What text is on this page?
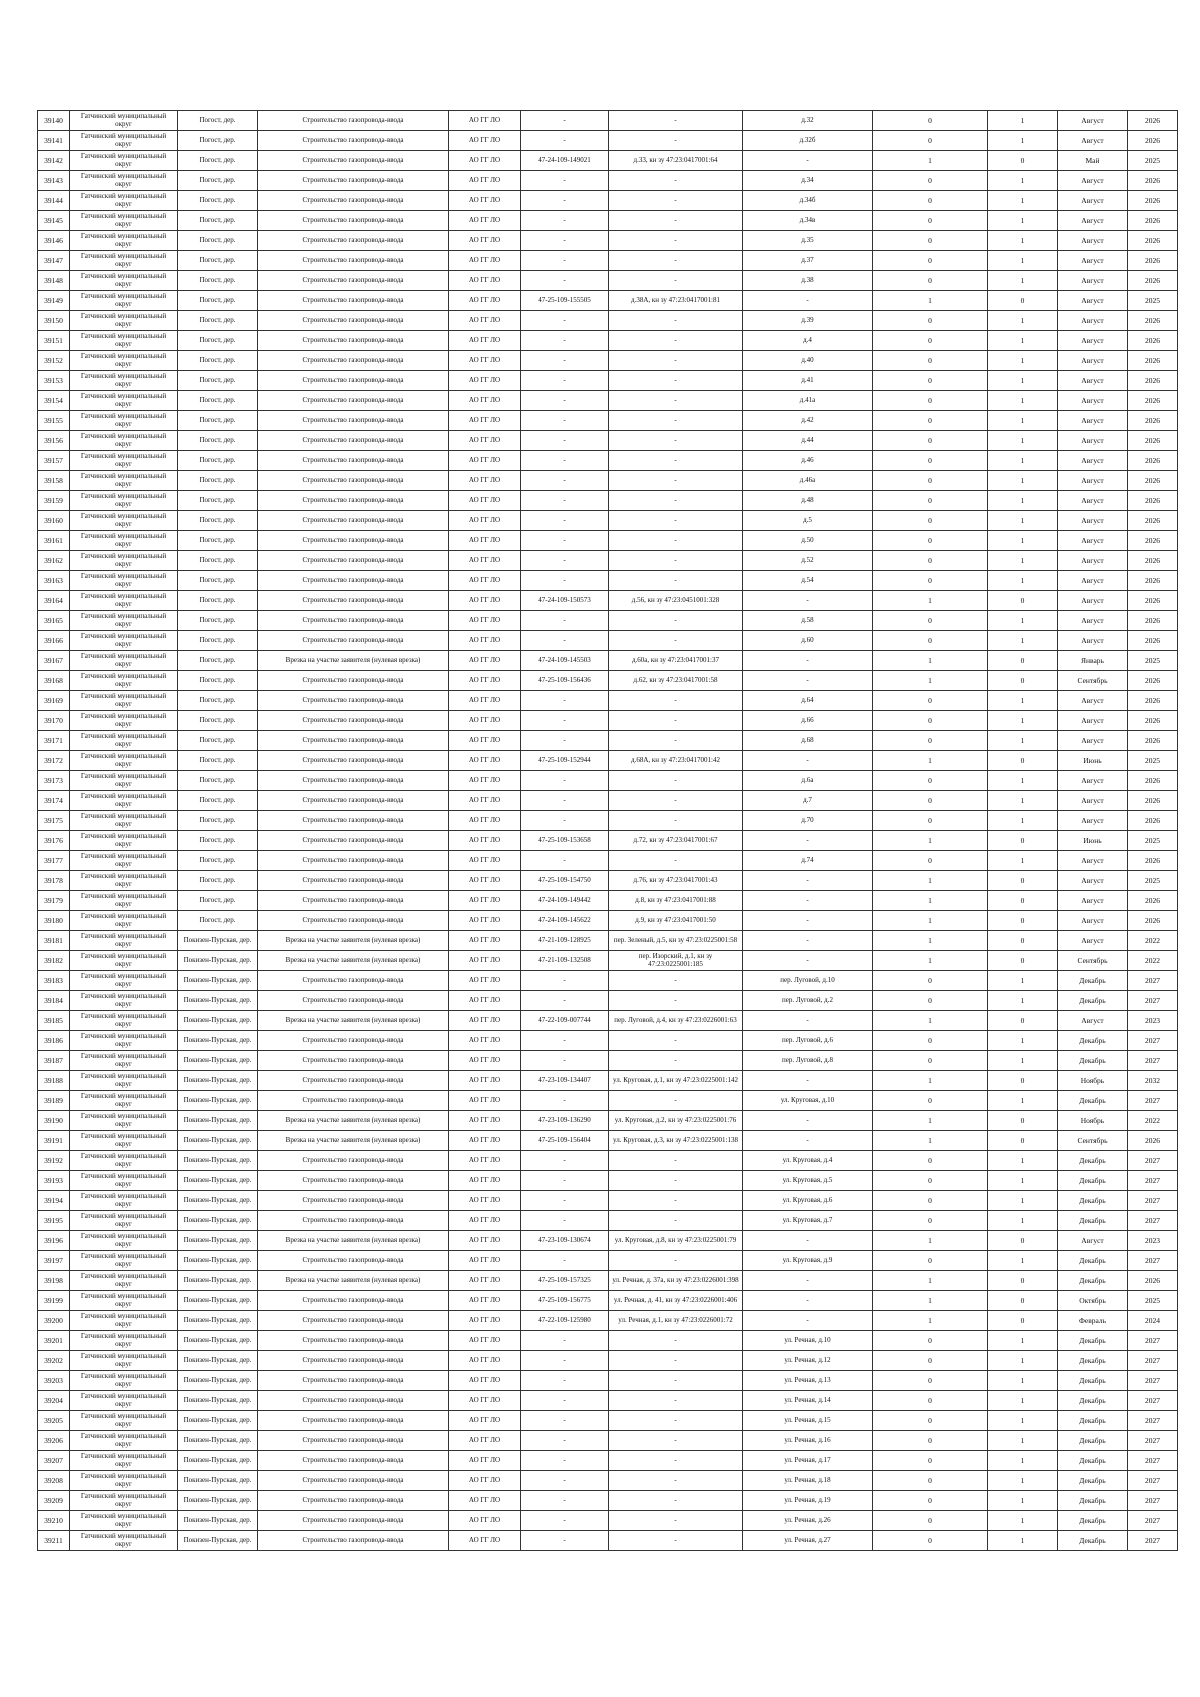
39140	Гатчинский муниципальный округ	Погост, дер.	Строительство газопровода-ввода	АО ГГ ЛО	-	-	д.32	0	1	Август	2026
39141	Гатчинский муниципальный округ	Погост, дер.	Строительство газопровода-ввода	АО ГГ ЛО	-	-	д.32б	0	1	Август	2026
39142	Гатчинский муниципальный округ	Погост, дер.	Строительство газопровода-ввода	АО ГГ ЛО	47-24-109-149021	д.33, кн зу 47:23:0417001:64	-	1	0	Май	2025
39143	Гатчинский муниципальный округ	Погост, дер.	Строительство газопровода-ввода	АО ГГ ЛО	-	-	д.34	0	1	Август	2026
39144	Гатчинский муниципальный округ	Погост, дер.	Строительство газопровода-ввода	АО ГГ ЛО	-	-	д.34б	0	1	Август	2026
39145	Гатчинский муниципальный округ	Погост, дер.	Строительство газопровода-ввода	АО ГГ ЛО	-	-	д.34в	0	1	Август	2026
39146	Гатчинский муниципальный округ	Погост, дер.	Строительство газопровода-ввода	АО ГГ ЛО	-	-	д.35	0	1	Август	2026
39147	Гатчинский муниципальный округ	Погост, дер.	Строительство газопровода-ввода	АО ГГ ЛО	-	-	д.37	0	1	Август	2026
39148	Гатчинский муниципальный округ	Погост, дер.	Строительство газопровода-ввода	АО ГГ ЛО	-	-	д.38	0	1	Август	2026
39149	Гатчинский муниципальный округ	Погост, дер.	Строительство газопровода-ввода	АО ГГ ЛО	47-25-109-155505	д.38А, кн зу 47:23:0417001:81	-	1	0	Август	2025
39150	Гатчинский муниципальный округ	Погост, дер.	Строительство газопровода-ввода	АО ГГ ЛО	-	-	д.39	0	1	Август	2026
39151	Гатчинский муниципальный округ	Погост, дер.	Строительство газопровода-ввода	АО ГГ ЛО	-	-	д.4	0	1	Август	2026
39152	Гатчинский муниципальный округ	Погост, дер.	Строительство газопровода-ввода	АО ГГ ЛО	-	-	д.40	0	1	Август	2026
39153	Гатчинский муниципальный округ	Погост, дер.	Строительство газопровода-ввода	АО ГГ ЛО	-	-	д.41	0	1	Август	2026
39154	Гатчинский муниципальный округ	Погост, дер.	Строительство газопровода-ввода	АО ГГ ЛО	-	-	д.41а	0	1	Август	2026
39155	Гатчинский муниципальный округ	Погост, дер.	Строительство газопровода-ввода	АО ГГ ЛО	-	-	д.42	0	1	Август	2026
39156	Гатчинский муниципальный округ	Погост, дер.	Строительство газопровода-ввода	АО ГГ ЛО	-	-	д.44	0	1	Август	2026
39157	Гатчинский муниципальный округ	Погост, дер.	Строительство газопровода-ввода	АО ГГ ЛО	-	-	д.46	0	1	Август	2026
39158	Гатчинский муниципальный округ	Погост, дер.	Строительство газопровода-ввода	АО ГГ ЛО	-	-	д.46а	0	1	Август	2026
39159	Гатчинский муниципальный округ	Погост, дер.	Строительство газопровода-ввода	АО ГГ ЛО	-	-	д.48	0	1	Август	2026
39160	Гатчинский муниципальный округ	Погост, дер.	Строительство газопровода-ввода	АО ГГ ЛО	-	-	д.5	0	1	Август	2026
39161	Гатчинский муниципальный округ	Погост, дер.	Строительство газопровода-ввода	АО ГГ ЛО	-	-	д.50	0	1	Август	2026
39162	Гатчинский муниципальный округ	Погост, дер.	Строительство газопровода-ввода	АО ГГ ЛО	-	-	д.52	0	1	Август	2026
39163	Гатчинский муниципальный округ	Погост, дер.	Строительство газопровода-ввода	АО ГГ ЛО	-	-	д.54	0	1	Август	2026
39164	Гатчинский муниципальный округ	Погост, дер.	Строительство газопровода-ввода	АО ГГ ЛО	47-24-109-150573	д.56, кн зу 47:23:0451001:328	-	1	0	Август	2026
39165	Гатчинский муниципальный округ	Погост, дер.	Строительство газопровода-ввода	АО ГГ ЛО	-	-	д.58	0	1	Август	2026
39166	Гатчинский муниципальный округ	Погост, дер.	Строительство газопровода-ввода	АО ГГ ЛО	-	-	д.60	0	1	Август	2026
39167	Гатчинский муниципальный округ	Погост, дер.	Врезка на участке заявителя (нулевая врезка)	АО ГГ ЛО	47-24-109-145503	д.60а, кн зу 47:23:0417001:37	-	1	0	Январь	2025
39168	Гатчинский муниципальный округ	Погост, дер.	Строительство газопровода-ввода	АО ГГ ЛО	47-25-109-156436	д.62, кн зу 47:23:0417001:58	-	1	0	Сентябрь	2026
39169	Гатчинский муниципальный округ	Погост, дер.	Строительство газопровода-ввода	АО ГГ ЛО	-	-	д.64	0	1	Август	2026
39170	Гатчинский муниципальный округ	Погост, дер.	Строительство газопровода-ввода	АО ГГ ЛО	-	-	д.66	0	1	Август	2026
39171	Гатчинский муниципальный округ	Погост, дер.	Строительство газопровода-ввода	АО ГГ ЛО	-	-	д.68	0	1	Август	2026
39172	Гатчинский муниципальный округ	Погост, дер.	Строительство газопровода-ввода	АО ГГ ЛО	47-25-109-152944	д.68А, кн зу 47:23:0417001:42	-	1	0	Июнь	2025
39173	Гатчинский муниципальный округ	Погост, дер.	Строительство газопровода-ввода	АО ГГ ЛО	-	-	д.6а	0	1	Август	2026
39174	Гатчинский муниципальный округ	Погост, дер.	Строительство газопровода-ввода	АО ГГ ЛО	-	-	д.7	0	1	Август	2026
39175	Гатчинский муниципальный округ	Погост, дер.	Строительство газопровода-ввода	АО ГГ ЛО	-	-	д.70	0	1	Август	2026
39176	Гатчинский муниципальный округ	Погост, дер.	Строительство газопровода-ввода	АО ГГ ЛО	47-25-109-153658	д.72, кн зу 47:23:0417001:67	-	1	0	Июнь	2025
39177	Гатчинский муниципальный округ	Погост, дер.	Строительство газопровода-ввода	АО ГГ ЛО	-	-	д.74	0	1	Август	2026
39178	Гатчинский муниципальный округ	Погост, дер.	Строительство газопровода-ввода	АО ГГ ЛО	47-25-109-154750	д.76, кн зу 47:23:0417001:43	-	1	0	Август	2025
39179	Гатчинский муниципальный округ	Погост, дер.	Строительство газопровода-ввода	АО ГГ ЛО	47-24-109-149442	д.8, кн зу 47:23:0417001:88	-	1	0	Август	2026
39180	Гатчинский муниципальный округ	Погост, дер.	Строительство газопровода-ввода	АО ГГ ЛО	47-24-109-145622	д.9, кн зу 47:23:0417001:50	-	1	0	Август	2026
39181	Гатчинский муниципальный округ	Покизен-Пурская, дер.	Врезка на участке заявителя (нулевая врезка)	АО ГГ ЛО	47-21-109-128925	пер. Зеленый, д.5, кн зу 47:23:0225001:58	-	1	0	Август	2022
39182	Гатчинский муниципальный округ	Покизен-Пурская, дер.	Врезка на участке заявителя (нулевая врезка)	АО ГГ ЛО	47-21-109-132508	пер. Изорский, д.1, кн зу 47:23:0225001:185	-	1	0	Сентябрь	2022
39183	Гатчинский муниципальный округ	Покизен-Пурская, дер.	Строительство газопровода-ввода	АО ГГ ЛО	-	-	пер. Луговой, д.10	0	1	Декабрь	2027
39184	Гатчинский муниципальный округ	Покизен-Пурская, дер.	Строительство газопровода-ввода	АО ГГ ЛО	-	-	пер. Луговой, д.2	0	1	Декабрь	2027
39185	Гатчинский муниципальный округ	Покизен-Пурская, дер.	Врезка на участке заявителя (нулевая врезка)	АО ГГ ЛО	47-22-109-007744	пер. Луговой, д.4, кн зу 47:23:0226001:63	-	1	0	Август	2023
39186	Гатчинский муниципальный округ	Покизен-Пурская, дер.	Строительство газопровода-ввода	АО ГГ ЛО	-	-	пер. Луговой, д.6	0	1	Декабрь	2027
39187	Гатчинский муниципальный округ	Покизен-Пурская, дер.	Строительство газопровода-ввода	АО ГГ ЛО	-	-	пер. Луговой, д.8	0	1	Декабрь	2027
39188	Гатчинский муниципальный округ	Покизен-Пурская, дер.	Строительство газопровода-ввода	АО ГГ ЛО	47-23-109-134407	ул. Круговая, д.1, кн зу 47:23:0225001:142	-	1	0	Ноябрь	2032
39189	Гатчинский муниципальный округ	Покизен-Пурская, дер.	Строительство газопровода-ввода	АО ГГ ЛО	-	-	ул. Круговая, д.10	0	1	Декабрь	2027
39190	Гатчинский муниципальный округ	Покизен-Пурская, дер.	Врезка на участке заявителя (нулевая врезка)	АО ГГ ЛО	47-23-109-136290	ул. Круговая, д.2, кн зу 47:23:0225001:76	-	1	0	Ноябрь	2022
39191	Гатчинский муниципальный округ	Покизен-Пурская, дер.	Врезка на участке заявителя (нулевая врезка)	АО ГГ ЛО	47-25-109-156404	ул. Круговая, д.3, кн зу 47:23:0225001:138	-	1	0	Сентябрь	2026
39192	Гатчинский муниципальный округ	Покизен-Пурская, дер.	Строительство газопровода-ввода	АО ГГ ЛО	-	-	ул. Круговая, д.4	0	1	Декабрь	2027
39193	Гатчинский муниципальный округ	Покизен-Пурская, дер.	Строительство газопровода-ввода	АО ГГ ЛО	-	-	ул. Круговая, д.5	0	1	Декабрь	2027
39194	Гатчинский муниципальный округ	Покизен-Пурская, дер.	Строительство газопровода-ввода	АО ГГ ЛО	-	-	ул. Круговая, д.6	0	1	Декабрь	2027
39195	Гатчинский муниципальный округ	Покизен-Пурская, дер.	Строительство газопровода-ввода	АО ГГ ЛО	-	-	ул. Круговая, д.7	0	1	Декабрь	2027
39196	Гатчинский муниципальный округ	Покизен-Пурская, дер.	Врезка на участке заявителя (нулевая врезка)	АО ГГ ЛО	47-23-109-130674	ул. Круговая, д.8, кн зу 47:23:0225001:79	-	1	0	Август	2023
39197	Гатчинский муниципальный округ	Покизен-Пурская, дер.	Строительство газопровода-ввода	АО ГГ ЛО	-	-	ул. Круговая, д.9	0	1	Декабрь	2027
39198	Гатчинский муниципальный округ	Покизен-Пурская, дер.	Врезка на участке заявителя (нулевая врезка)	АО ГГ ЛО	47-25-109-157325	ул. Речная, д. 37а, кн зу 47:23:0226001:398	-	1	0	Декабрь	2026
39199	Гатчинский муниципальный округ	Покизен-Пурская, дер.	Строительство газопровода-ввода	АО ГГ ЛО	47-25-109-156775	ул. Речная, д. 41, кн зу 47:23:0226001:406	-	1	0	Октябрь	2025
39200	Гатчинский муниципальный округ	Покизен-Пурская, дер.	Строительство газопровода-ввода	АО ГГ ЛО	47-22-109-125980	ул. Речная, д.1, кн зу 47:23:0226001:72	-	1	0	Февраль	2024
39201	Гатчинский муниципальный округ	Покизен-Пурская, дер.	Строительство газопровода-ввода	АО ГГ ЛО	-	-	ул. Речная, д.10	0	1	Декабрь	2027
39202	Гатчинский муниципальный округ	Покизен-Пурская, дер.	Строительство газопровода-ввода	АО ГГ ЛО	-	-	ул. Речная, д.12	0	1	Декабрь	2027
39203	Гатчинский муниципальный округ	Покизен-Пурская, дер.	Строительство газопровода-ввода	АО ГГ ЛО	-	-	ул. Речная, д.13	0	1	Декабрь	2027
39204	Гатчинский муниципальный округ	Покизен-Пурская, дер.	Строительство газопровода-ввода	АО ГГ ЛО	-	-	ул. Речная, д.14	0	1	Декабрь	2027
39205	Гатчинский муниципальный округ	Покизен-Пурская, дер.	Строительство газопровода-ввода	АО ГГ ЛО	-	-	ул. Речная, д.15	0	1	Декабрь	2027
39206	Гатчинский муниципальный округ	Покизен-Пурская, дер.	Строительство газопровода-ввода	АО ГГ ЛО	-	-	ул. Речная, д.16	0	1	Декабрь	2027
39207	Гатчинский муниципальный округ	Покизен-Пурская, дер.	Строительство газопровода-ввода	АО ГГ ЛО	-	-	ул. Речная, д.17	0	1	Декабрь	2027
39208	Гатчинский муниципальный округ	Покизен-Пурская, дер.	Строительство газопровода-ввода	АО ГГ ЛО	-	-	ул. Речная, д.18	0	1	Декабрь	2027
39209	Гатчинский муниципальный округ	Покизен-Пурская, дер.	Строительство газопровода-ввода	АО ГГ ЛО	-	-	ул. Речная, д.19	0	1	Декабрь	2027
39210	Гатчинский муниципальный округ	Покизен-Пурская, дер.	Строительство газопровода-ввода	АО ГГ ЛО	-	-	ул. Речная, д.26	0	1	Декабрь	2027
39211	Гатчинский муниципальный округ	Покизен-Пурская, дер.	Строительство газопровода-ввода	АО ГГ ЛО	-	-	ул. Речная, д.27	0	1	Декабрь	2027
